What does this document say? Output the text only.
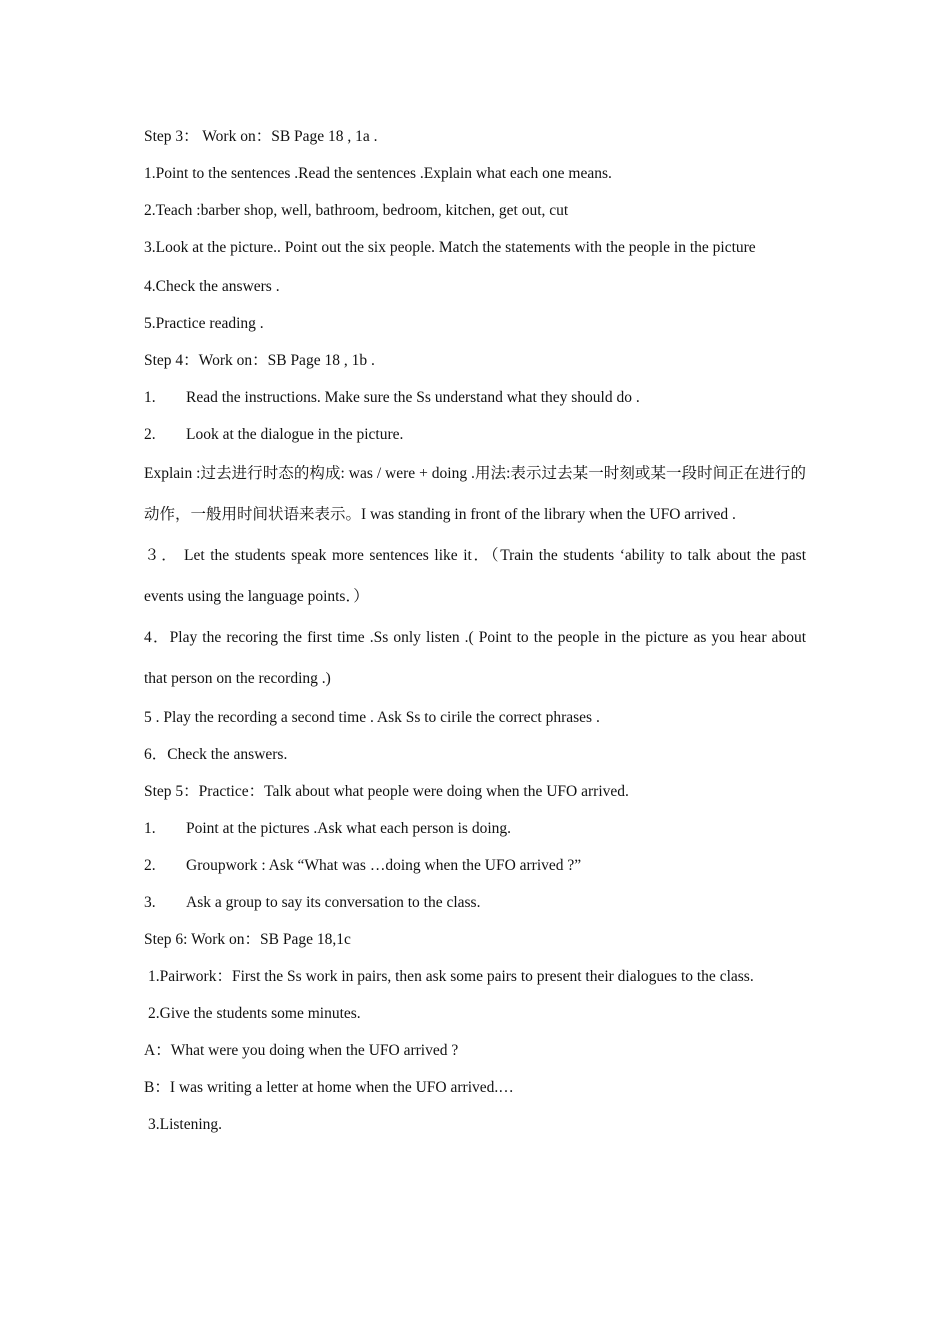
Step 3： Work on：SB Page 18 , 1a .
1.Point to the sentences .Read the sentences .Explain what each one means.
2.Teach :barber shop, well, bathroom, bedroom, kitchen, get out, cut
3.Look at the picture.. Point out the six people. Match the statements with the people in the picture
4.Check the answers .
5.Practice reading .
Step 4：Work on：SB Page 18 , 1b .
1. Read the instructions. Make sure the Ss understand what they should do .
2. Look at the dialogue in the picture.
Explain :过去进行时态的构成: was / were + doing .用法:表示过去某一时刻或某一段时间正在进行的动作，一般用时间状语来表示。I was standing in front of the library when the UFO arrived .
３． Let the students speak more sentences like it．（Train the students ‘ability to talk about the past events using the language points．）
4．Play the recoring the first time .Ss only listen .( Point to the people in the picture as you hear about that person on the recording .)
5 . Play the recording a second time . Ask Ss to cirile the correct phrases .
6．Check the answers.
Step 5：Practice：Talk about what people were doing when the UFO arrived.
1. Point at the pictures .Ask what each person is doing.
2. Groupwork : Ask “What was …doing when the UFO arrived ?”
3. Ask a group to say its conversation to the class.
Step 6: Work on：SB Page 18,1c
1.Pairwork：First the Ss work in pairs, then ask some pairs to present their dialogues to the class.
2.Give the students some minutes.
A：What were you doing when the UFO arrived ?
B：I was writing a letter at home when the UFO arrived.…
3.Listening.
